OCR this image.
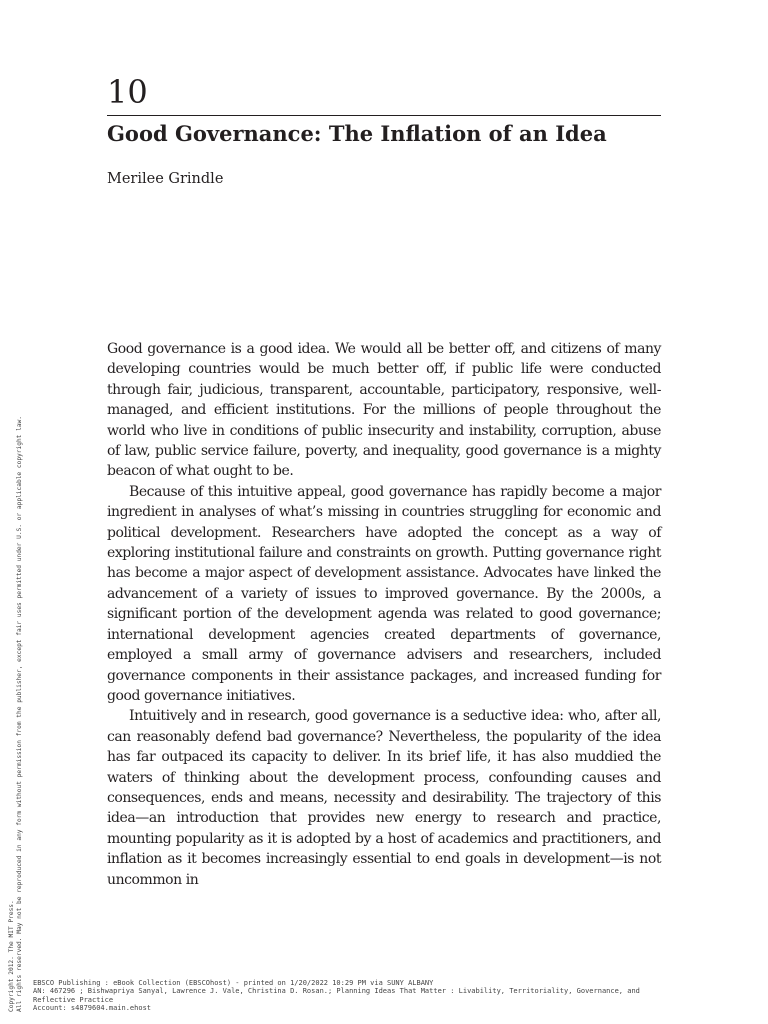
10
Good Governance: The Inflation of an Idea

Merilee Grindle

Good governance is a good idea. We would all be better off, and citizens of many developing countries would be much better off, if public life were conducted through fair, judicious, transparent, accountable, participatory, responsive, well-managed, and efficient institutions. For the millions of people throughout the world who live in conditions of public insecurity and instability, corruption, abuse of law, public service failure, poverty, and inequality, good governance is a mighty beacon of what ought to be.

Because of this intuitive appeal, good governance has rapidly become a major ingredient in analyses of what’s missing in countries struggling for economic and political development. Researchers have adopted the concept as a way of exploring institutional failure and constraints on growth. Putting governance right has become a major aspect of development assistance. Advocates have linked the advancement of a variety of issues to improved governance. By the 2000s, a significant portion of the development agenda was related to good governance; international development agencies created departments of governance, employed a small army of governance advisers and researchers, included governance components in their assistance packages, and increased funding for good governance initiatives.

Intuitively and in research, good governance is a seductive idea: who, after all, can reasonably defend bad governance? Nevertheless, the popularity of the idea has far outpaced its capacity to deliver. In its brief life, it has also muddied the waters of thinking about the development process, confounding causes and consequences, ends and means, necessity and desirability. The trajectory of this idea—an introduction that provides new energy to research and practice, mounting popularity as it is adopted by a host of academics and practitioners, and inflation as it becomes increasingly essential to end goals in development—is not uncommon in

Copyright 2012. The MIT Press. All rights reserved. May not be reproduced in any form without permission from the publisher, except fair uses permitted under U.S. or applicable copyright law. EBSCO Publishing : eBook Collection (EBSCOhost) - printed on 1/20/2022 10:29 PM via SUNY ALBANY
AN: 467296 ; Bishwapriya Sanyal, Lawrence J. Vale, Christina D. Rosan.; Planning Ideas That Matter : Livability, Territoriality, Governance, and
Reflective Practice
Account: s4879604.main.ehost
